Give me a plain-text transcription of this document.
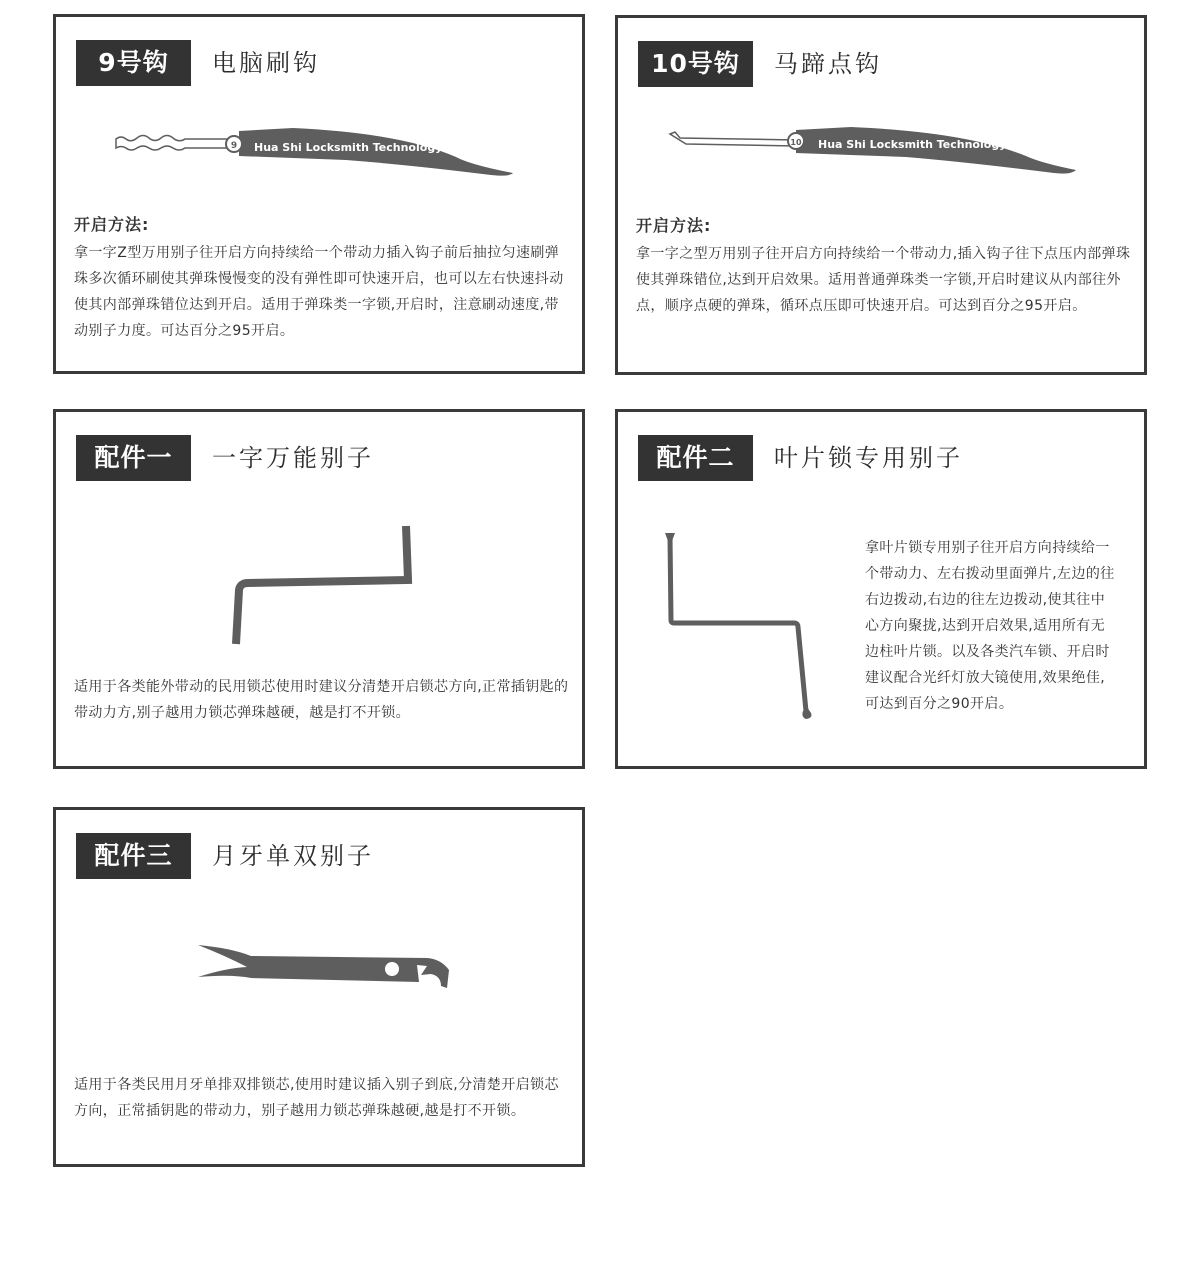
9号钩	电脑刷钩
9 Hua Shi Locksmith Technology
开启方法:

拿一字Z型万用别子往开启方向持续给一个带动力插入钩子前后抽拉匀速刷弹珠多次循环刷使其弹珠慢慢变的没有弹性即可快速开启，也可以左右快速抖动使其内部弹珠错位达到开启。适用于弹珠类一字锁,开启时，注意刷动速度,带动别子力度。可达百分之95开启。

10号钩	马蹄点钩
10 Hua Shi Locksmith Technology
开启方法:

拿一字之型万用别子往开启方向持续给一个带动力,插入钩子往下点压内部弹珠使其弹珠错位,达到开启效果。适用普通弹珠类一字锁,开启时建议从内部往外点，顺序点硬的弹珠，循环点压即可快速开启。可达到百分之95开启。

配件一	一字万能别子

适用于各类能外带动的民用锁芯使用时建议分清楚开启锁芯方向,正常插钥匙的带动力方,别子越用力锁芯弹珠越硬，越是打不开锁。

配件二	叶片锁专用别子

拿叶片锁专用别子往开启方向持续给一个带动力、左右拨动里面弹片,左边的往右边拨动,右边的往左边拨动,使其往中心方向聚拢,达到开启效果,适用所有无边柱叶片锁。以及各类汽车锁、开启时建议配合光纤灯放大镜使用,效果绝佳,可达到百分之90开启。

配件三	月牙单双别子

适用于各类民用月牙单排双排锁芯,使用时建议插入别子到底,分清楚开启锁芯方向，正常插钥匙的带动力，别子越用力锁芯弹珠越硬,越是打不开锁。
